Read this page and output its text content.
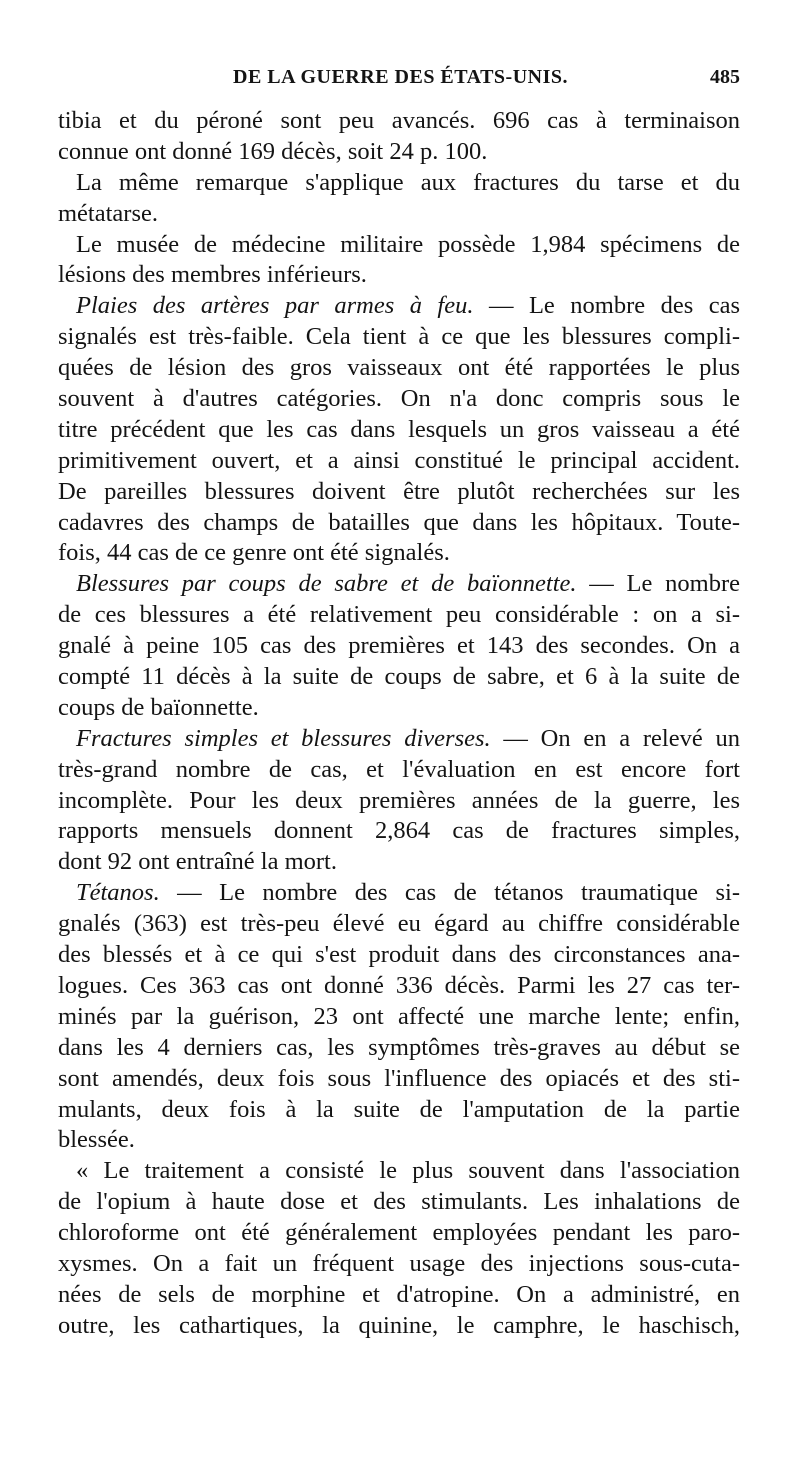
DE LA GUERRE DES ÉTATS-UNIS.	485
tibia et du péroné sont peu avancés. 696 cas à terminaison
connue ont donné 169 décès, soit 24 p. 100.
La même remarque s'applique aux fractures du tarse et du
métatarse.
Le musée de médecine militaire possède 1,984 spécimens de
lésions des membres inférieurs.
Plaies des artères par armes à feu. — Le nombre des cas
signalés est très-faible. Cela tient à ce que les blessures compli-
quées de lésion des gros vaisseaux ont été rapportées le plus
souvent à d'autres catégories. On n'a donc compris sous le
titre précédent que les cas dans lesquels un gros vaisseau a été
primitivement ouvert, et a ainsi constitué le principal accident.
De pareilles blessures doivent être plutôt recherchées sur les
cadavres des champs de batailles que dans les hôpitaux. Toute-
fois, 44 cas de ce genre ont été signalés.
Blessures par coups de sabre et de baïonnette. — Le nombre
de ces blessures a été relativement peu considérable : on a si-
gnalé à peine 105 cas des premières et 143 des secondes. On a
compté 11 décès à la suite de coups de sabre, et 6 à la suite de
coups de baïonnette.
Fractures simples et blessures diverses. — On en a relevé un
très-grand nombre de cas, et l'évaluation en est encore fort
incomplète. Pour les deux premières années de la guerre, les
rapports mensuels donnent 2,864 cas de fractures simples,
dont 92 ont entraîné la mort.
Tétanos. — Le nombre des cas de tétanos traumatique si-
gnalés (363) est très-peu élevé eu égard au chiffre considérable
des blessés et à ce qui s'est produit dans des circonstances ana-
logues. Ces 363 cas ont donné 336 décès. Parmi les 27 cas ter-
minés par la guérison, 23 ont affecté une marche lente; enfin,
dans les 4 derniers cas, les symptômes très-graves au début se
sont amendés, deux fois sous l'influence des opiacés et des sti-
mulants, deux fois à la suite de l'amputation de la partie
blessée.
« Le traitement a consisté le plus souvent dans l'association
de l'opium à haute dose et des stimulants. Les inhalations de
chloroforme ont été généralement employées pendant les paro-
xysmes. On a fait un fréquent usage des injections sous-cuta-
nées de sels de morphine et d'atropine. On a administré, en
outre, les cathartiques, la quinine, le camphre, le haschisch,
